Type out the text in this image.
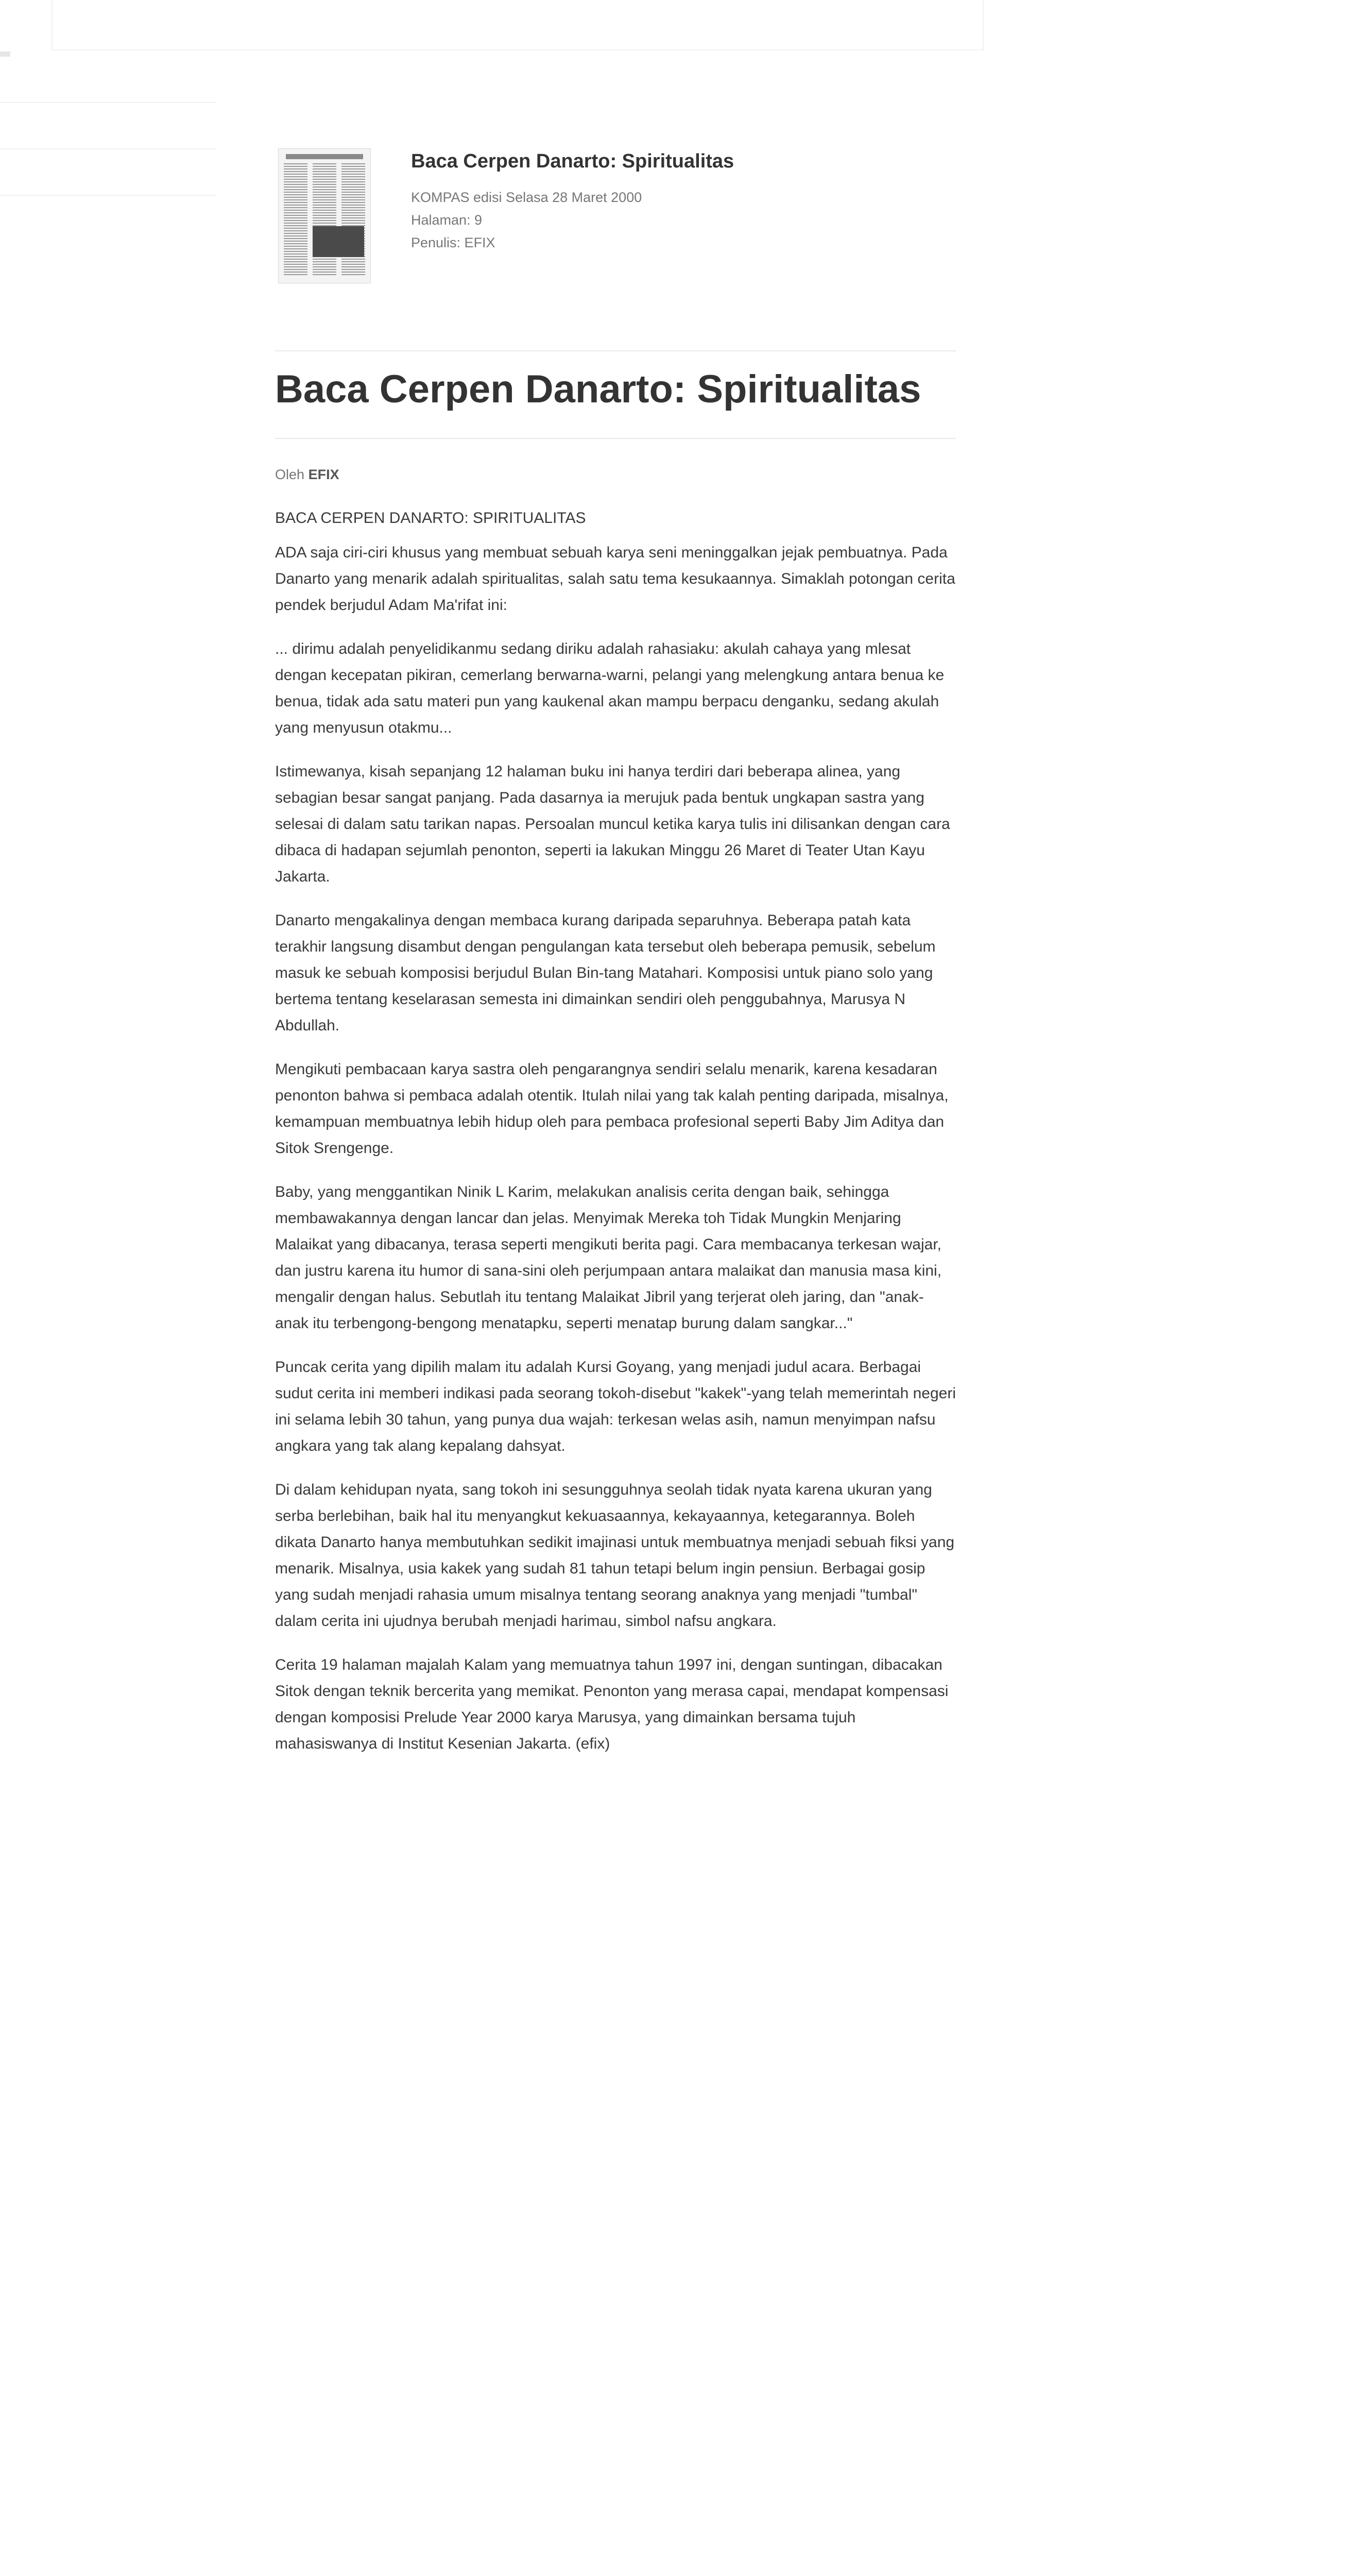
Baca Cerpen Danarto: Spiritualitas
KOMPAS edisi Selasa 28 Maret 2000
Halaman: 9
Penulis: EFIX
Baca Cerpen Danarto: Spiritualitas
Oleh EFIX

BACA CERPEN DANARTO: SPIRITUALITAS

ADA saja ciri-ciri khusus yang membuat sebuah karya seni meninggalkan jejak pembuatnya. Pada Danarto yang menarik adalah spiritualitas, salah satu tema kesukaannya. Simaklah potongan cerita pendek berjudul Adam Ma'rifat ini:

... dirimu adalah penyelidikanmu sedang diriku adalah rahasiaku: akulah cahaya yang mlesat dengan kecepatan pikiran, cemerlang berwarna-warni, pelangi yang melengkung antara benua ke benua, tidak ada satu materi pun yang kaukenal akan mampu berpacu denganku, sedang akulah yang menyusun otakmu...

Istimewanya, kisah sepanjang 12 halaman buku ini hanya terdiri dari beberapa alinea, yang sebagian besar sangat panjang. Pada dasarnya ia merujuk pada bentuk ungkapan sastra yang selesai di dalam satu tarikan napas. Persoalan muncul ketika karya tulis ini dilisankan dengan cara dibaca di hadapan sejumlah penonton, seperti ia lakukan Minggu 26 Maret di Teater Utan Kayu Jakarta.

Danarto mengakalinya dengan membaca kurang daripada separuhnya. Beberapa patah kata terakhir langsung disambut dengan pengulangan kata tersebut oleh beberapa pemusik, sebelum masuk ke sebuah komposisi berjudul Bulan Bin-tang Matahari. Komposisi untuk piano solo yang bertema tentang keselarasan semesta ini dimainkan sendiri oleh penggubahnya, Marusya N Abdullah.

Mengikuti pembacaan karya sastra oleh pengarangnya sendiri selalu menarik, karena kesadaran penonton bahwa si pembaca adalah otentik. Itulah nilai yang tak kalah penting daripada, misalnya, kemampuan membuatnya lebih hidup oleh para pembaca profesional seperti Baby Jim Aditya dan Sitok Srengenge.

Baby, yang menggantikan Ninik L Karim, melakukan analisis cerita dengan baik, sehingga membawakannya dengan lancar dan jelas. Menyimak Mereka toh Tidak Mungkin Menjaring Malaikat yang dibacanya, terasa seperti mengikuti berita pagi. Cara membacanya terkesan wajar, dan justru karena itu humor di sana-sini oleh perjumpaan antara malaikat dan manusia masa kini, mengalir dengan halus. Sebutlah itu tentang Malaikat Jibril yang terjerat oleh jaring, dan "anak-anak itu terbengong-bengong menatapku, seperti menatap burung dalam sangkar..."

Puncak cerita yang dipilih malam itu adalah Kursi Goyang, yang menjadi judul acara. Berbagai sudut cerita ini memberi indikasi pada seorang tokoh-disebut "kakek"-yang telah memerintah negeri ini selama lebih 30 tahun, yang punya dua wajah: terkesan welas asih, namun menyimpan nafsu angkara yang tak alang kepalang dahsyat.

Di dalam kehidupan nyata, sang tokoh ini sesungguhnya seolah tidak nyata karena ukuran yang serba berlebihan, baik hal itu menyangkut kekuasaannya, kekayaannya, ketegarannya. Boleh dikata Danarto hanya membutuhkan sedikit imajinasi untuk membuatnya menjadi sebuah fiksi yang menarik. Misalnya, usia kakek yang sudah 81 tahun tetapi belum ingin pensiun. Berbagai gosip yang sudah menjadi rahasia umum misalnya tentang seorang anaknya yang menjadi "tumbal" dalam cerita ini ujudnya berubah menjadi harimau, simbol nafsu angkara.

Cerita 19 halaman majalah Kalam yang memuatnya tahun 1997 ini, dengan suntingan, dibacakan Sitok dengan teknik bercerita yang memikat. Penonton yang merasa capai, mendapat kompensasi dengan komposisi Prelude Year 2000 karya Marusya, yang dimainkan bersama tujuh mahasiswanya di Institut Kesenian Jakarta. (efix)
